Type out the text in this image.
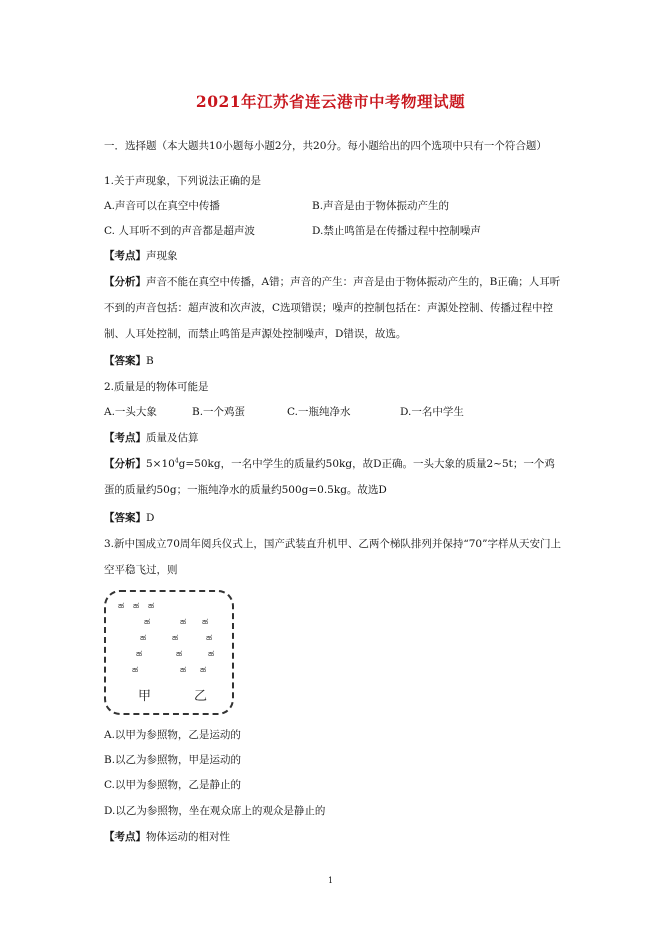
2021年江苏省连云港市中考物理试题
一．选择题（本大题共10小题每小题2分，共20分。每小题给出的四个选项中只有一个符合题）
1.关于声现象，下列说法正确的是
A.声音可以在真空中传播	B.声音是由于物体振动产生的
C. 人耳听不到的声音都是超声波	D.禁止鸣笛是在传播过程中控制噪声
【考点】声现象
【分析】声音不能在真空中传播，A错；声音的产生：声音是由于物体振动产生的，B正确；人耳听不到的声音包括：超声波和次声波，C选项错误；噪声的控制包括在：声源处控制、传播过程中控制、人耳处控制，而禁止鸣笛是声源处控制噪声，D错误，故选。
【答案】B
2.质量是的物体可能是
A.一头大象	B.一个鸡蛋	C.一瓶纯净水	D.一名中学生
【考点】质量及估算
【分析】$5\times 10^4g=50kg$，一名中学生的质量约50kg，故D正确。一头大象的质量2~5t；一个鸡蛋的质量约50g；一瓶纯净水的质量约500g=0.5kg。故选D
【答案】D
3.新中国成立70周年阅兵仪式上，国产武装直升机甲、乙两个梯队排列并保持“70”字样从天安门上空平稳飞过，则
ಹ ಹ ಹ
ಹ
ಹ
ಹ
ಹ
ಹ ಹ
ಹ	ಹ
ಹ	ಹ
ಹ ಹ
甲	乙
A.以甲为参照物，乙是运动的
B.以乙为参照物，甲是运动的
C.以甲为参照物，乙是静止的
D.以乙为参照物，坐在观众席上的观众是静止的
【考点】物体运动的相对性
1
